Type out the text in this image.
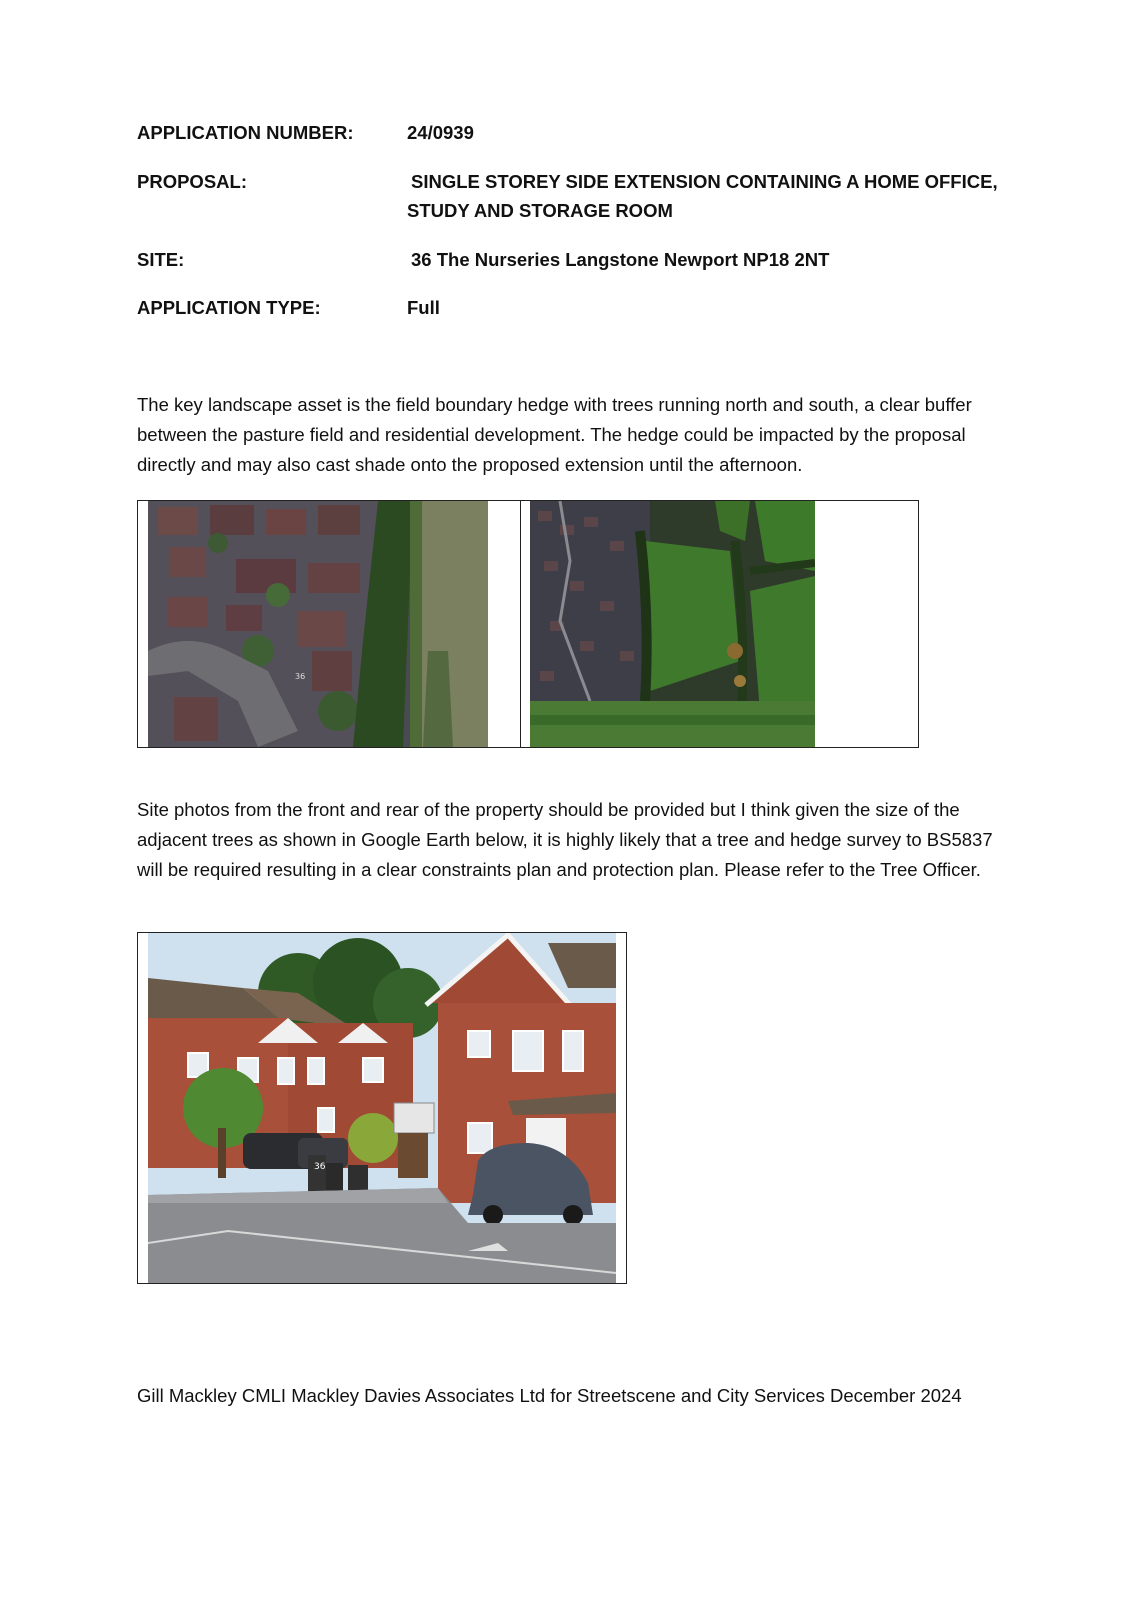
APPLICATION NUMBER:	24/0939
PROPOSAL:	SINGLE STOREY SIDE EXTENSION CONTAINING A HOME OFFICE,
STUDY AND STORAGE ROOM
SITE:	36 The Nurseries Langstone Newport NP18 2NT
APPLICATION TYPE:	Full
The key landscape asset is the field boundary hedge with trees running north and south, a clear buffer between the pasture field and residential development. The hedge could be impacted by the proposal directly and may also cast shade onto the proposed extension until the afternoon.
36
Site photos from the front and rear of the property should be provided but I think given the size of the adjacent trees as shown in Google Earth below, it is highly likely that a tree and hedge survey to BS5837 will be required resulting in a clear constraints plan and protection plan. Please refer to the Tree Officer.
36
Gill Mackley CMLI Mackley Davies Associates Ltd for Streetscene and City Services December 2024
